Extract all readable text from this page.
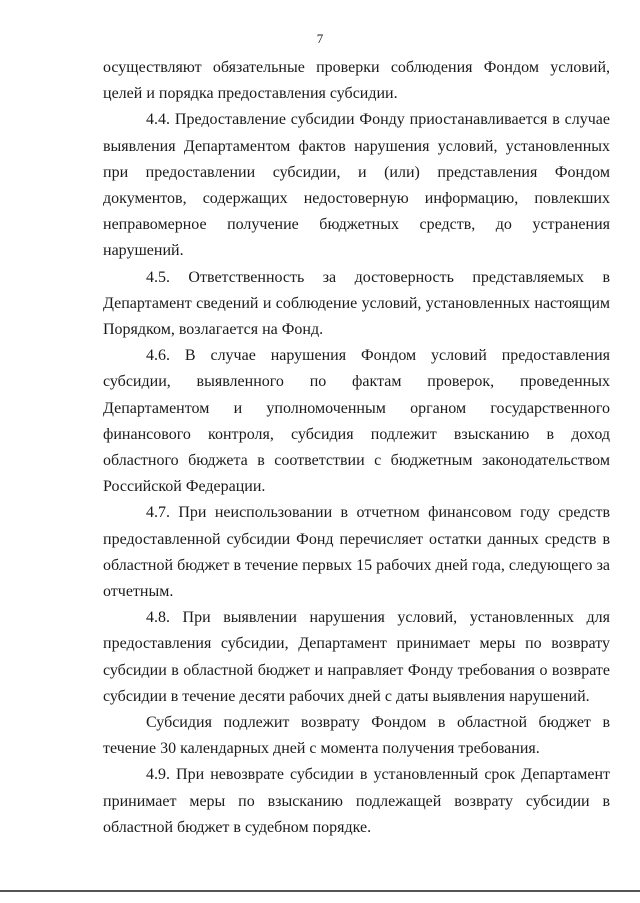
7

осуществляют обязательные проверки соблюдения Фондом условий, целей и порядка предоставления субсидии.

4.4. Предоставление субсидии Фонду приостанавливается в случае выявления Департаментом фактов нарушения условий, установленных при предоставлении субсидии, и (или) представления Фондом документов, содержащих недостоверную информацию, повлекших неправомерное получение бюджетных средств, до устранения нарушений.

4.5. Ответственность за достоверность представляемых в Департамент сведений и соблюдение условий, установленных настоящим Порядком, возлагается на Фонд.

4.6. В случае нарушения Фондом условий предоставления субсидии, выявленного по фактам проверок, проведенных Департаментом и уполномоченным органом государственного финансового контроля, субсидия подлежит взысканию в доход областного бюджета в соответствии с бюджетным законодательством Российской Федерации.

4.7. При неиспользовании в отчетном финансовом году средств предоставленной субсидии Фонд перечисляет остатки данных средств в областной бюджет в течение первых 15 рабочих дней года, следующего за отчетным.

4.8. При выявлении нарушения условий, установленных для предоставления субсидии, Департамент принимает меры по возврату субсидии в областной бюджет и направляет Фонду требования о возврате субсидии в течение десяти рабочих дней с даты выявления нарушений.

Субсидия подлежит возврату Фондом в областной бюджет в течение 30 календарных дней с момента получения требования.

4.9. При невозврате субсидии в установленный срок Департамент принимает меры по взысканию подлежащей возврату субсидии в областной бюджет в судебном порядке.
